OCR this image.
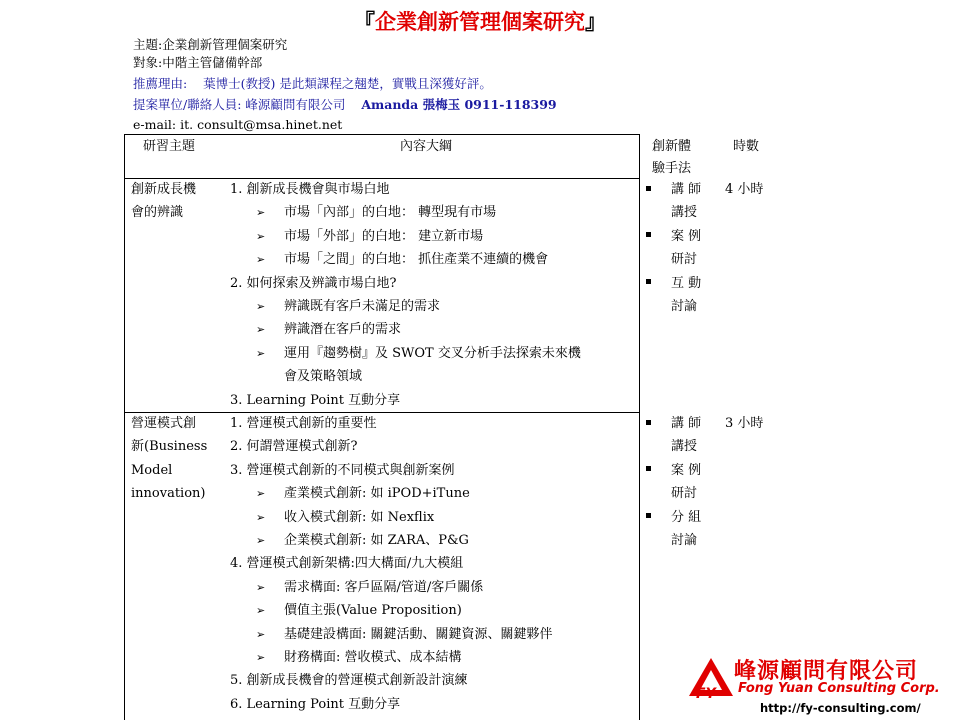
『企業創新管理個案研究』
主題:企業創新管理個案研究
對象:中階主管儲備幹部
推薦理由: 葉博士(教授) 是此類課程之翹楚，實戰且深獲好評。
提案單位/聯絡人員: 峰源顧問有限公司 Amanda 張梅玉 0911-118399
e-mail: it. consult@msa.hinet.net
研習主題	內容大綱	創新體
驗手法
時數
創新成長機
會的辨識
1. 創新成長機會與市場白地
➢ 市場「內部」的白地： 轉型現有市場
➢ 市場「外部」的白地： 建立新市場
➢ 市場「之間」的白地： 抓住產業不連續的機會
2. 如何探索及辨識市場白地?
➢ 辨識既有客戶未滿足的需求
➢ 辨識潛在客戶的需求
➢ 運用『趨勢樹』及 SWOT 交叉分析手法探索未來機
會及策略領域
3. Learning Point 互動分享
講 師
講授
案 例
研討
互 動
討論
4 小時
營運模式創
新(Business
Model
innovation)
1. 營運模式創新的重要性
2. 何謂營運模式創新?
3. 營運模式創新的不同模式與創新案例
➢ 產業模式創新: 如 iPOD+iTune
➢ 收入模式創新: 如 Nexflix
➢ 企業模式創新: 如 ZARA、P&G
4. 營運模式創新架構:四大構面/九大模組
➢ 需求構面: 客戶區隔/管道/客戶關係
➢ 價值主張(Value Proposition)
➢ 基礎建設構面: 關鍵活動、關鍵資源、關鍵夥伴
➢ 財務構面: 營收模式、成本結構
5. 創新成長機會的營運模式創新設計演練
6. Learning Point 互動分享
講 師
講授
案 例
研討
分 組
討論
3 小時
FY
峰源顧問有限公司
Fong Yuan Consulting Corp.
http://fy-consulting.com/
